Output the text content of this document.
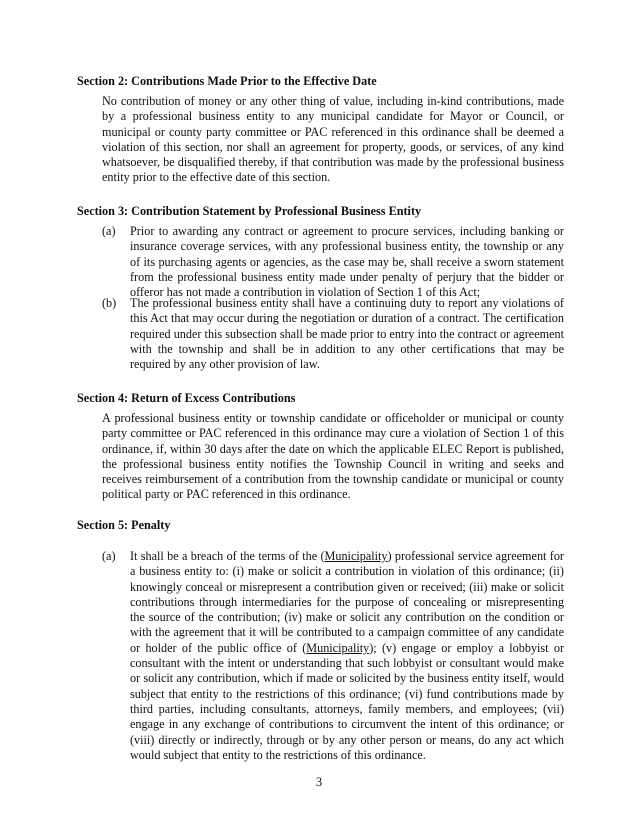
Section 2: Contributions Made Prior to the Effective Date
No contribution of money or any other thing of value, including in-kind contributions, made by a professional business entity to any municipal candidate for Mayor or Council, or municipal or county party committee or PAC referenced in this ordinance shall be deemed a violation of this section, nor shall an agreement for property, goods, or services, of any kind whatsoever, be disqualified thereby, if that contribution was made by the professional business entity prior to the effective date of this section.
Section 3: Contribution Statement by Professional Business Entity
(a) Prior to awarding any contract or agreement to procure services, including banking or insurance coverage services, with any professional business entity, the township or any of its purchasing agents or agencies, as the case may be, shall receive a sworn statement from the professional business entity made under penalty of perjury that the bidder or offeror has not made a contribution in violation of Section 1 of this Act;
(b) The professional business entity shall have a continuing duty to report any violations of this Act that may occur during the negotiation or duration of a contract. The certification required under this subsection shall be made prior to entry into the contract or agreement with the township and shall be in addition to any other certifications that may be required by any other provision of law.
Section 4: Return of Excess Contributions
A professional business entity or township candidate or officeholder or municipal or county party committee or PAC referenced in this ordinance may cure a violation of Section 1 of this ordinance, if, within 30 days after the date on which the applicable ELEC Report is published, the professional business entity notifies the Township Council in writing and seeks and receives reimbursement of a contribution from the township candidate or municipal or county political party or PAC referenced in this ordinance.
Section 5: Penalty
(a) It shall be a breach of the terms of the (Municipality) professional service agreement for a business entity to: (i) make or solicit a contribution in violation of this ordinance; (ii) knowingly conceal or misrepresent a contribution given or received; (iii) make or solicit contributions through intermediaries for the purpose of concealing or misrepresenting the source of the contribution; (iv) make or solicit any contribution on the condition or with the agreement that it will be contributed to a campaign committee of any candidate or holder of the public office of (Municipality); (v) engage or employ a lobbyist or consultant with the intent or understanding that such lobbyist or consultant would make or solicit any contribution, which if made or solicited by the business entity itself, would subject that entity to the restrictions of this ordinance; (vi) fund contributions made by third parties, including consultants, attorneys, family members, and employees; (vii) engage in any exchange of contributions to circumvent the intent of this ordinance; or (viii) directly or indirectly, through or by any other person or means, do any act which would subject that entity to the restrictions of this ordinance.
3
